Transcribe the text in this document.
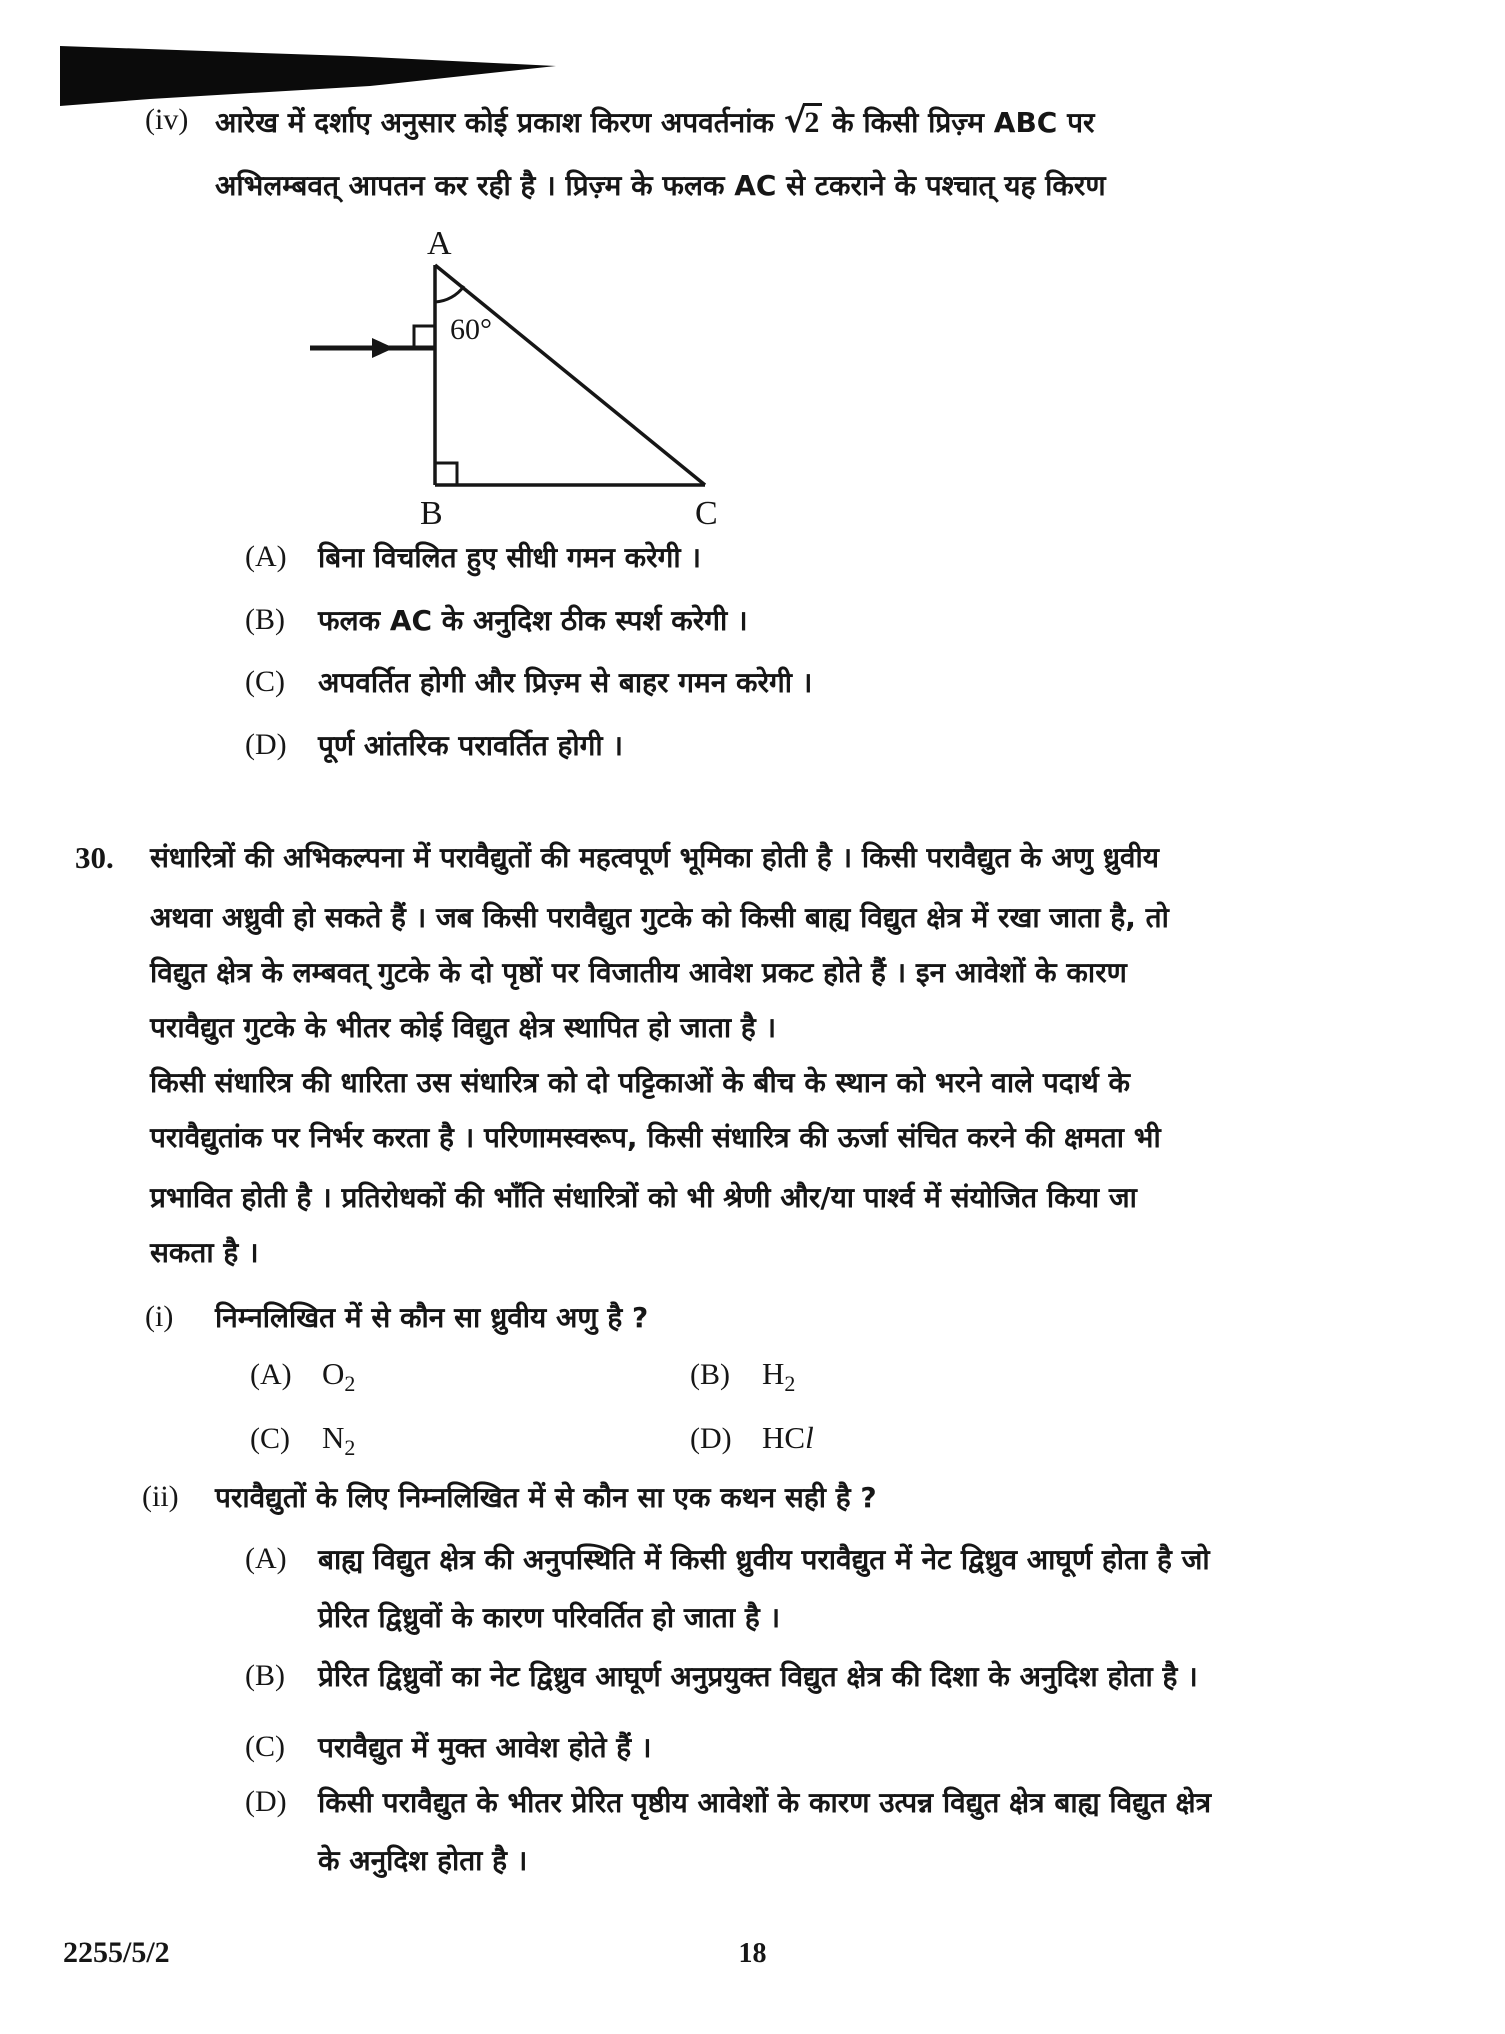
(iv) आरेख में दर्शाए अनुसार कोई प्रकाश किरण अपवर्तनांक √2 के किसी प्रिज़्म ABC पर
अभिलम्बवत् आपतन कर रही है । प्रिज़्म के फलक AC से टकराने के पश्चात् यह किरण
A
B	C
60°
(A) बिना विचलित हुए सीधी गमन करेगी ।
(B) फलक AC के अनुदिश ठीक स्पर्श करेगी ।
(C) अपवर्तित होगी और प्रिज़्म से बाहर गमन करेगी ।
(D) पूर्ण आंतरिक परावर्तित होगी ।
30. संधारित्रों की अभिकल्पना में परावैद्युतों की महत्वपूर्ण भूमिका होती है । किसी परावैद्युत के अणु ध्रुवीय
अथवा अध्रुवी हो सकते हैं । जब किसी परावैद्युत गुटके को किसी बाह्य विद्युत क्षेत्र में रखा जाता है, तो
विद्युत क्षेत्र के लम्बवत् गुटके के दो पृष्ठों पर विजातीय आवेश प्रकट होते हैं । इन आवेशों के कारण
परावैद्युत गुटके के भीतर कोई विद्युत क्षेत्र स्थापित हो जाता है ।
किसी संधारित्र की धारिता उस संधारित्र को दो पट्टिकाओं के बीच के स्थान को भरने वाले पदार्थ के
परावैद्युतांक पर निर्भर करता है । परिणामस्वरूप, किसी संधारित्र की ऊर्जा संचित करने की क्षमता भी
प्रभावित होती है । प्रतिरोधकों की भाँति संधारित्रों को भी श्रेणी और/या पार्श्व में संयोजित किया जा
सकता है ।
(i) निम्नलिखित में से कौन सा ध्रुवीय अणु है ?
(A) $O_2$	(B) $H_2$
(C) $N_2$	(D) HCl
(ii) परावैद्युतों के लिए निम्नलिखित में से कौन सा एक कथन सही है ?
(A) बाह्य विद्युत क्षेत्र की अनुपस्थिति में किसी ध्रुवीय परावैद्युत में नेट द्विध्रुव आघूर्ण होता है जो
प्रेरित द्विध्रुवों के कारण परिवर्तित हो जाता है ।
(B) प्रेरित द्विध्रुवों का नेट द्विध्रुव आघूर्ण अनुप्रयुक्त विद्युत क्षेत्र की दिशा के अनुदिश होता है ।
(C) परावैद्युत में मुक्त आवेश होते हैं ।
(D) किसी परावैद्युत के भीतर प्रेरित पृष्ठीय आवेशों के कारण उत्पन्न विद्युत क्षेत्र बाह्य विद्युत क्षेत्र
के अनुदिश होता है ।
2255/5/2	18
